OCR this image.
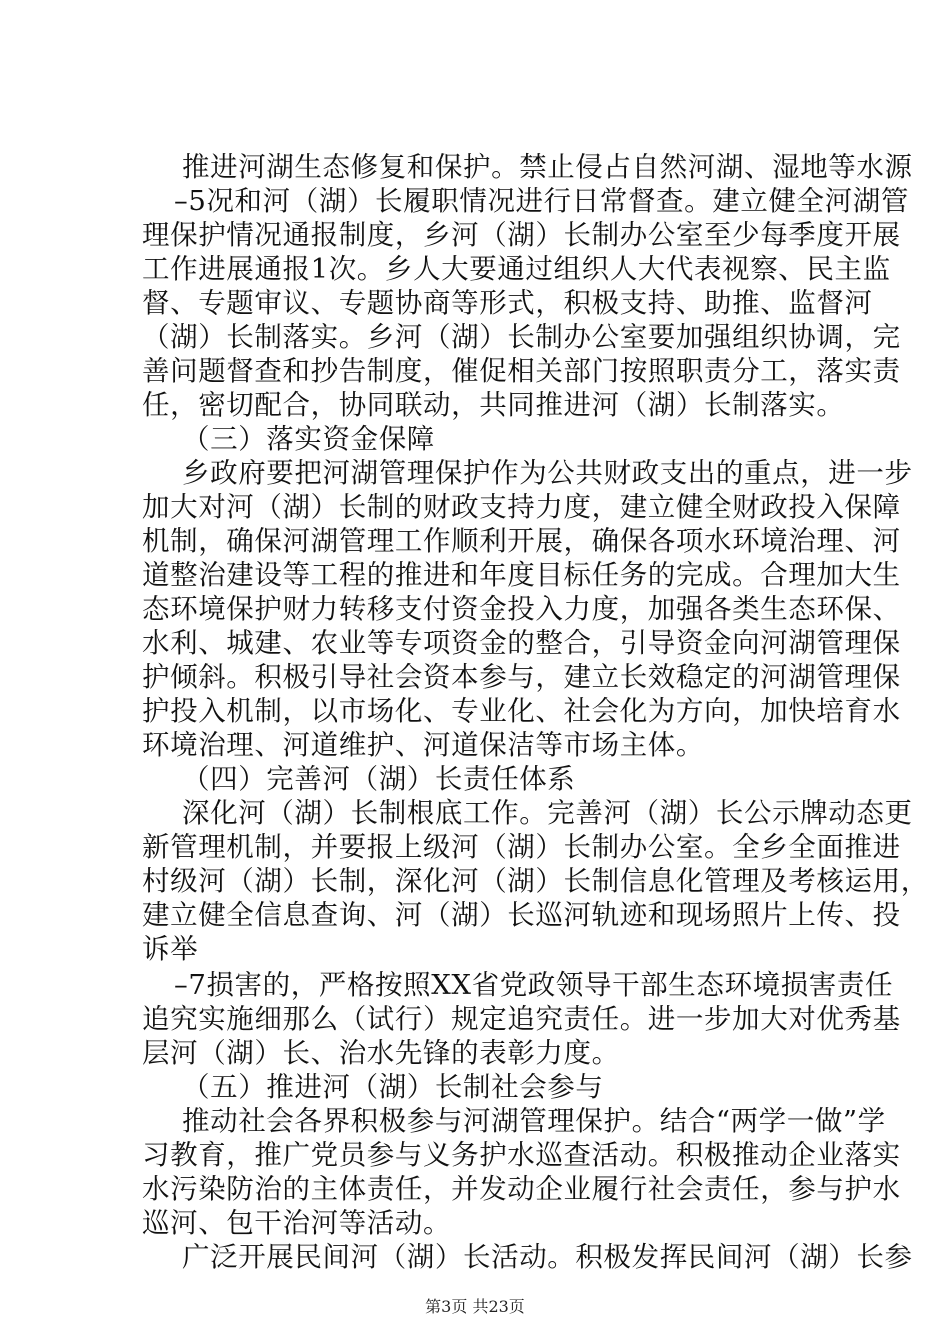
推进河湖生态修复和保护。禁止侵占自然河湖、湿地等水源
–5况和河（湖）长履职情况进行日常督查。建立健全河湖管
理保护情况通报制度，乡河（湖）长制办公室至少每季度开展
工作进展通报1次。乡人大要通过组织人大代表视察、民主监
督、专题审议、专题协商等形式，积极支持、助推、监督河
（湖）长制落实。乡河（湖）长制办公室要加强组织协调，完
善问题督查和抄告制度，催促相关部门按照职责分工，落实责
任，密切配合，协同联动，共同推进河（湖）长制落实。
（三）落实资金保障
乡政府要把河湖管理保护作为公共财政支出的重点，进一步
加大对河（湖）长制的财政支持力度，建立健全财政投入保障
机制，确保河湖管理工作顺利开展，确保各项水环境治理、河
道整治建设等工程的推进和年度目标任务的完成。合理加大生
态环境保护财力转移支付资金投入力度，加强各类生态环保、
水利、城建、农业等专项资金的整合，引导资金向河湖管理保
护倾斜。积极引导社会资本参与，建立长效稳定的河湖管理保
护投入机制，以市场化、专业化、社会化为方向，加快培育水
环境治理、河道维护、河道保洁等市场主体。
（四）完善河（湖）长责任体系
深化河（湖）长制根底工作。完善河（湖）长公示牌动态更
新管理机制，并要报上级河（湖）长制办公室。全乡全面推进
村级河（湖）长制，深化河（湖）长制信息化管理及考核运用，
建立健全信息查询、河（湖）长巡河轨迹和现场照片上传、投
诉举
–7损害的，严格按照XX省党政领导干部生态环境损害责任
追究实施细那么（试行）规定追究责任。进一步加大对优秀基
层河（湖）长、治水先锋的表彰力度。
（五）推进河（湖）长制社会参与
推动社会各界积极参与河湖管理保护。结合“两学一做”学
习教育，推广党员参与义务护水巡查活动。积极推动企业落实
水污染防治的主体责任，并发动企业履行社会责任，参与护水
巡河、包干治河等活动。
广泛开展民间河（湖）长活动。积极发挥民间河（湖）长参
第3页 共23页
